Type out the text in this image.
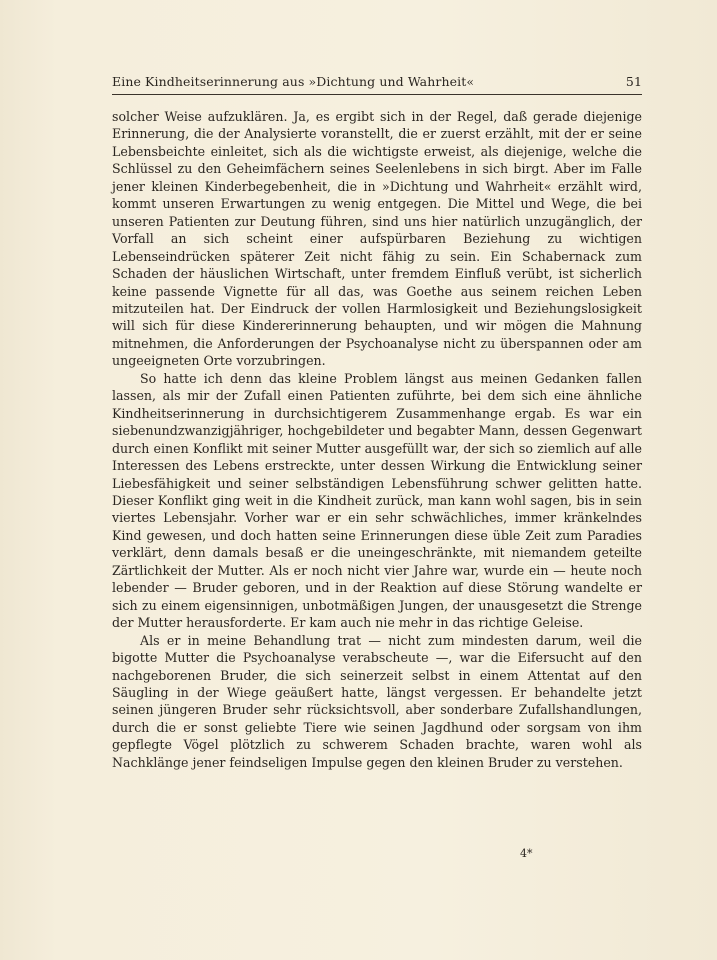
Eine Kindheitserinnerung aus »Dichtung und Wahrheit«	51

solcher Weise aufzuklären. Ja, es ergibt sich in der Regel, daß gerade diejenige Erinnerung, die der Analysierte voranstellt, die er zuerst erzählt, mit der er seine Lebensbeichte einleitet, sich als die wichtigste erweist, als diejenige, welche die Schlüssel zu den Geheimfächern seines Seelenlebens in sich birgt. Aber im Falle jener kleinen Kinderbegebenheit, die in »Dichtung und Wahrheit« erzählt wird, kommt unseren Erwartungen zu wenig entgegen. Die Mittel und Wege, die bei unseren Patienten zur Deutung führen, sind uns hier natürlich unzugänglich, der Vorfall an sich scheint einer aufspürbaren Beziehung zu wichtigen Lebenseindrücken späterer Zeit nicht fähig zu sein. Ein Schabernack zum Schaden der häuslichen Wirtschaft, unter fremdem Einfluß verübt, ist sicherlich keine passende Vignette für all das, was Goethe aus seinem reichen Leben mitzuteilen hat. Der Eindruck der vollen Harmlosigkeit und Beziehungslosigkeit will sich für diese Kindererinnerung behaupten, und wir mögen die Mahnung mitnehmen, die Anforderungen der Psychoanalyse nicht zu überspannen oder am ungeeigneten Orte vorzubringen.

So hatte ich denn das kleine Problem längst aus meinen Gedanken fallen lassen, als mir der Zufall einen Patienten zuführte, bei dem sich eine ähnliche Kindheitserinnerung in durchsichtigerem Zusammenhange ergab. Es war ein siebenundzwanzigjähriger, hochgebildeter und begabter Mann, dessen Gegenwart durch einen Konflikt mit seiner Mutter ausgefüllt war, der sich so ziemlich auf alle Interessen des Lebens erstreckte, unter dessen Wirkung die Entwicklung seiner Liebesfähigkeit und seiner selbständigen Lebensführung schwer gelitten hatte. Dieser Konflikt ging weit in die Kindheit zurück, man kann wohl sagen, bis in sein viertes Lebensjahr. Vorher war er ein sehr schwächliches, immer kränkelndes Kind gewesen, und doch hatten seine Erinnerungen diese üble Zeit zum Paradies verklärt, denn damals besaß er die uneingeschränkte, mit niemandem geteilte Zärtlichkeit der Mutter. Als er noch nicht vier Jahre war, wurde ein — heute noch lebender — Bruder geboren, und in der Reaktion auf diese Störung wandelte er sich zu einem eigensinnigen, unbotmäßigen Jungen, der unausgesetzt die Strenge der Mutter herausforderte. Er kam auch nie mehr in das richtige Geleise.

Als er in meine Behandlung trat — nicht zum mindesten darum, weil die bigotte Mutter die Psychoanalyse verabscheute —, war die Eifersucht auf den nachgeborenen Bruder, die sich seinerzeit selbst in einem Attentat auf den Säugling in der Wiege geäußert hatte, längst vergessen. Er behandelte jetzt seinen jüngeren Bruder sehr rücksichtsvoll, aber sonderbare Zufallshandlungen, durch die er sonst geliebte Tiere wie seinen Jagdhund oder sorgsam von ihm gepflegte Vögel plötzlich zu schwerem Schaden brachte, waren wohl als Nachklänge jener feindseligen Impulse gegen den kleinen Bruder zu verstehen.

4*
